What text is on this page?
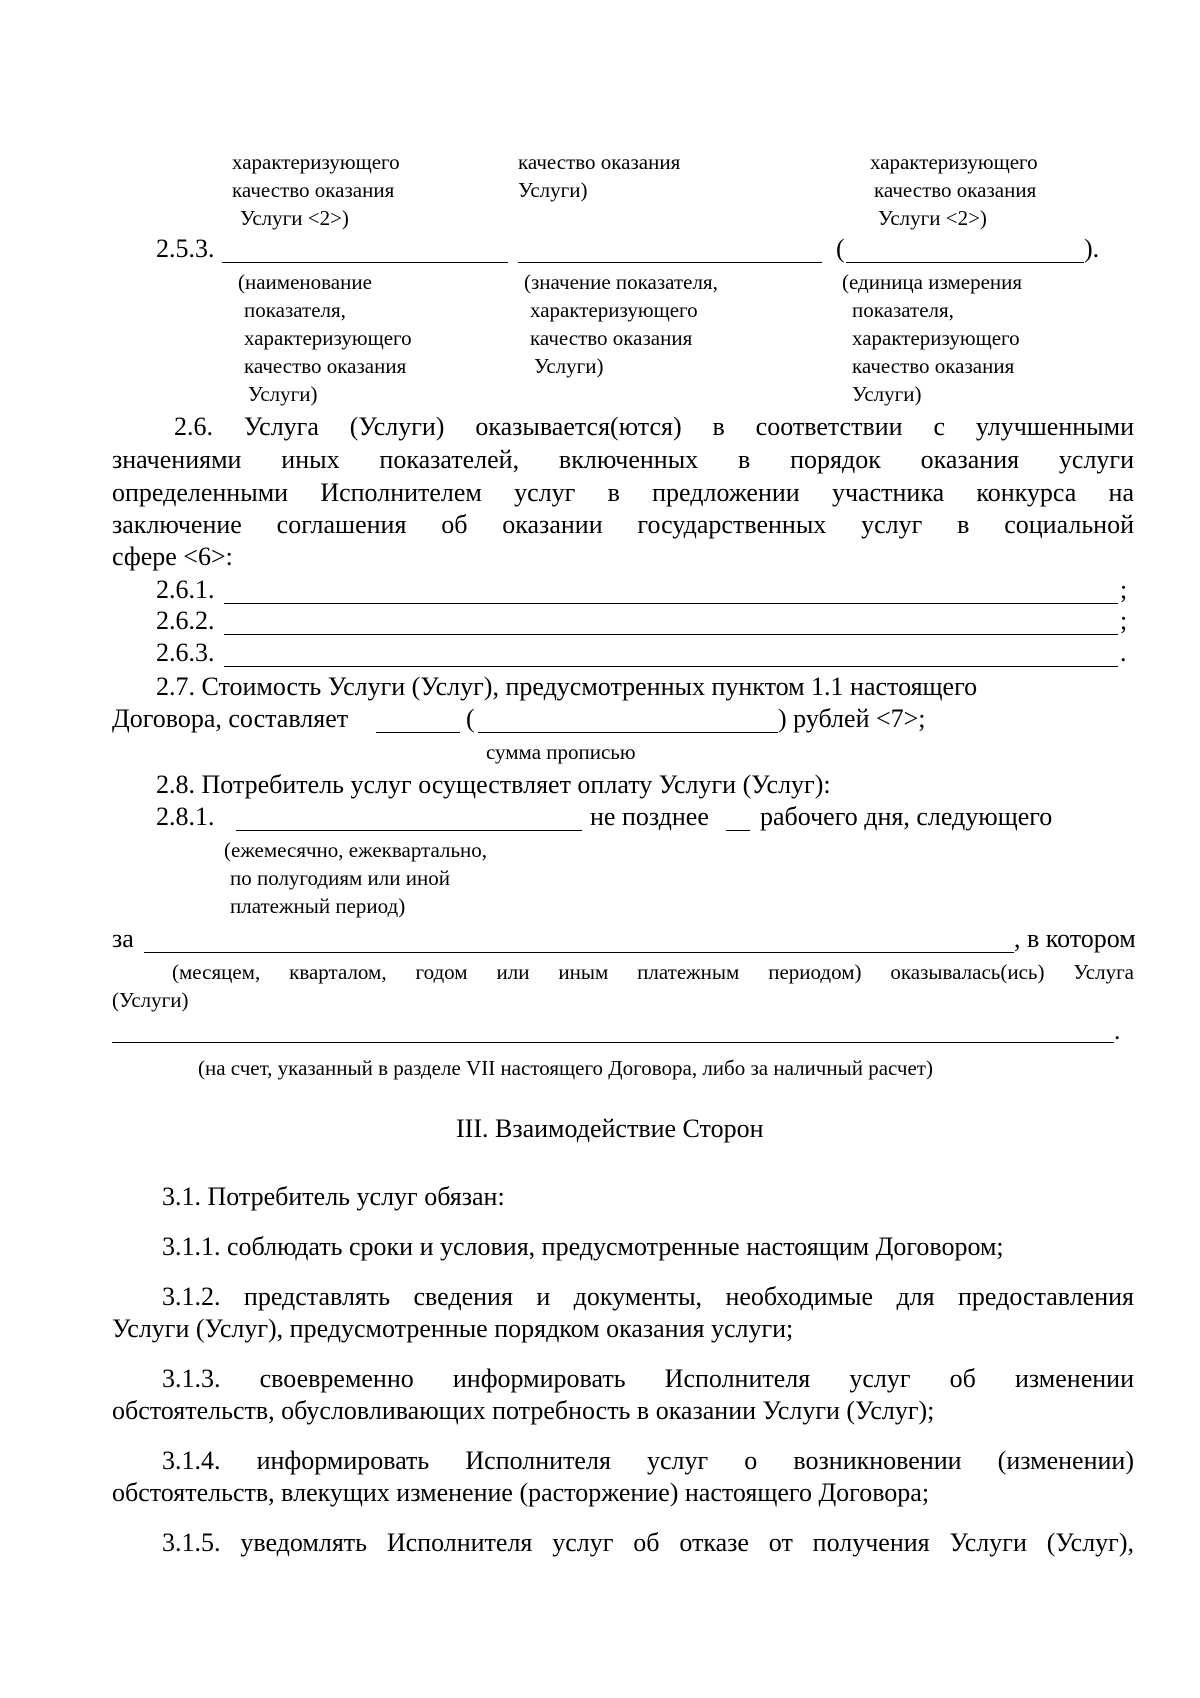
характеризующего
качество оказания
Услуги <2>)
качество оказания
Услуги)
характеризующего
качество оказания
Услуги <2>)
2.5.3.	(	).
(наименование
показателя,
характеризующего
качество оказания
Услуги)
(значение показателя,
характеризующего
качество оказания
Услуги)
(единица измерения
показателя,
характеризующего
качество оказания
Услуги)
2.6. Услуга (Услуги) оказывается(ются) в соответствии с улучшенными
значениями иных показателей, включенных в порядок оказания услуги
определенными Исполнителем услуг в предложении участника конкурса на
заключение соглашения об оказании государственных услуг в социальной
сфере <6>:
2.6.1.	;
2.6.2.	;
2.6.3.	.
2.7. Стоимость Услуги (Услуг), предусмотренных пунктом 1.1 настоящего
Договора, составляет	(	) рублей <7>;
сумма прописью
2.8. Потребитель услуг осуществляет оплату Услуги (Услуг):
2.8.1.	не позднее рабочего дня, следующего
(ежемесячно, ежеквартально,
по полугодиям или иной
платежный период)
за	, в котором
(месяцем, кварталом, годом или иным платежным периодом) оказывалась(ись) Услуга
(Услуги)
.
(на счет, указанный в разделе VII настоящего Договора, либо за наличный расчет)
III. Взаимодействие Сторон
3.1. Потребитель услуг обязан:
3.1.1. соблюдать сроки и условия, предусмотренные настоящим Договором;
3.1.2. представлять сведения и документы, необходимые для предоставления
Услуги (Услуг), предусмотренные порядком оказания услуги;
3.1.3. своевременно информировать Исполнителя услуг об изменении
обстоятельств, обусловливающих потребность в оказании Услуги (Услуг);
3.1.4. информировать Исполнителя услуг о возникновении (изменении)
обстоятельств, влекущих изменение (расторжение) настоящего Договора;
3.1.5. уведомлять Исполнителя услуг об отказе от получения Услуги (Услуг),
